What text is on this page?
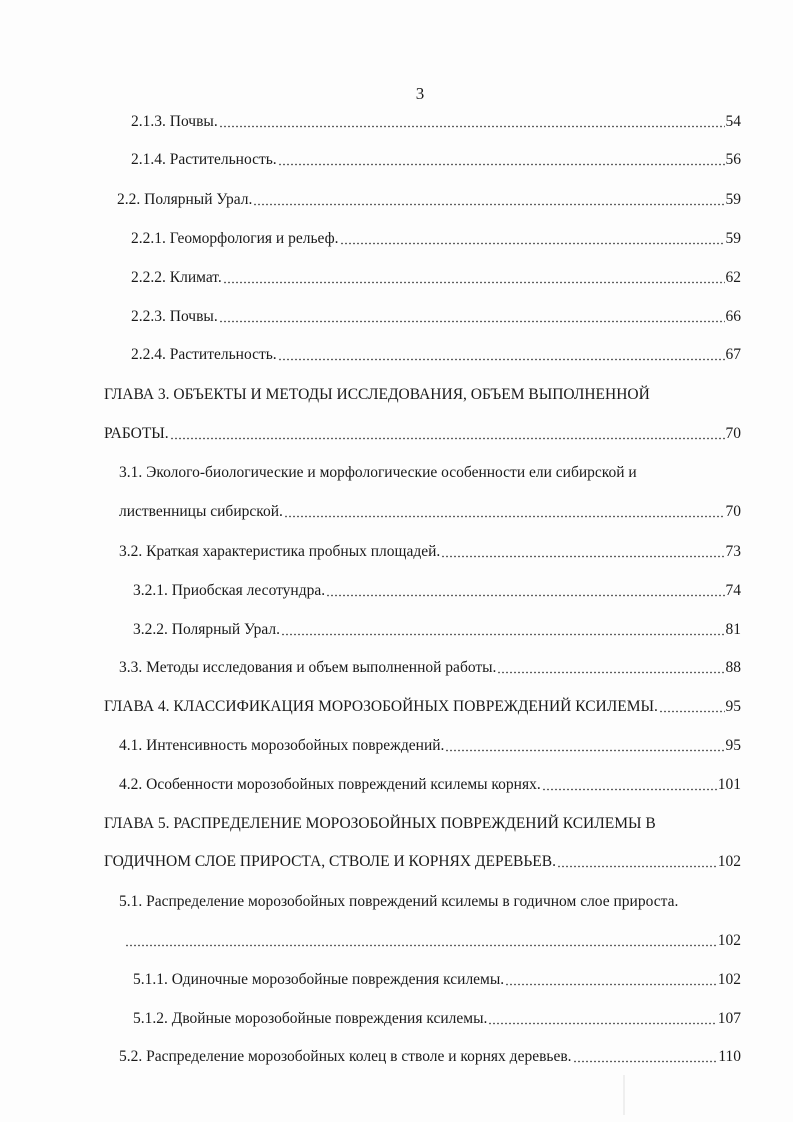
3
2.1.3. Почвы.	54
2.1.4. Растительность.	56
2.2. Полярный Урал.	59
2.2.1. Геоморфология и рельеф.	59
2.2.2. Климат.	62
2.2.3. Почвы.	66
2.2.4. Растительность.	67
ГЛАВА 3. ОБЪЕКТЫ И МЕТОДЫ ИССЛЕДОВАНИЯ, ОБЪЕМ ВЫПОЛНЕННОЙ
РАБОТЫ.	70
3.1. Эколого-биологические и морфологические особенности ели сибирской и
лиственницы сибирской.	70
3.2. Краткая характеристика пробных площадей.	73
3.2.1. Приобская лесотундра.	74
3.2.2. Полярный Урал.	81
3.3. Методы исследования и объем выполненной работы.	88
ГЛАВА 4. КЛАССИФИКАЦИЯ МОРОЗОБОЙНЫХ ПОВРЕЖДЕНИЙ КСИЛЕМЫ.	95
4.1. Интенсивность морозобойных повреждений.	95
4.2. Особенности морозобойных повреждений ксилемы корнях.	101
ГЛАВА 5. РАСПРЕДЕЛЕНИЕ МОРОЗОБОЙНЫХ ПОВРЕЖДЕНИЙ КСИЛЕМЫ В
ГОДИЧНОМ СЛОЕ ПРИРОСТА, СТВОЛЕ И КОРНЯХ ДЕРЕВЬЕВ.	102
5.1. Распределение морозобойных повреждений ксилемы в годичном слое прироста.
102
5.1.1. Одиночные морозобойные повреждения ксилемы.	102
5.1.2. Двойные морозобойные повреждения ксилемы.	107
5.2. Распределение морозобойных колец в стволе и корнях деревьев.	110
